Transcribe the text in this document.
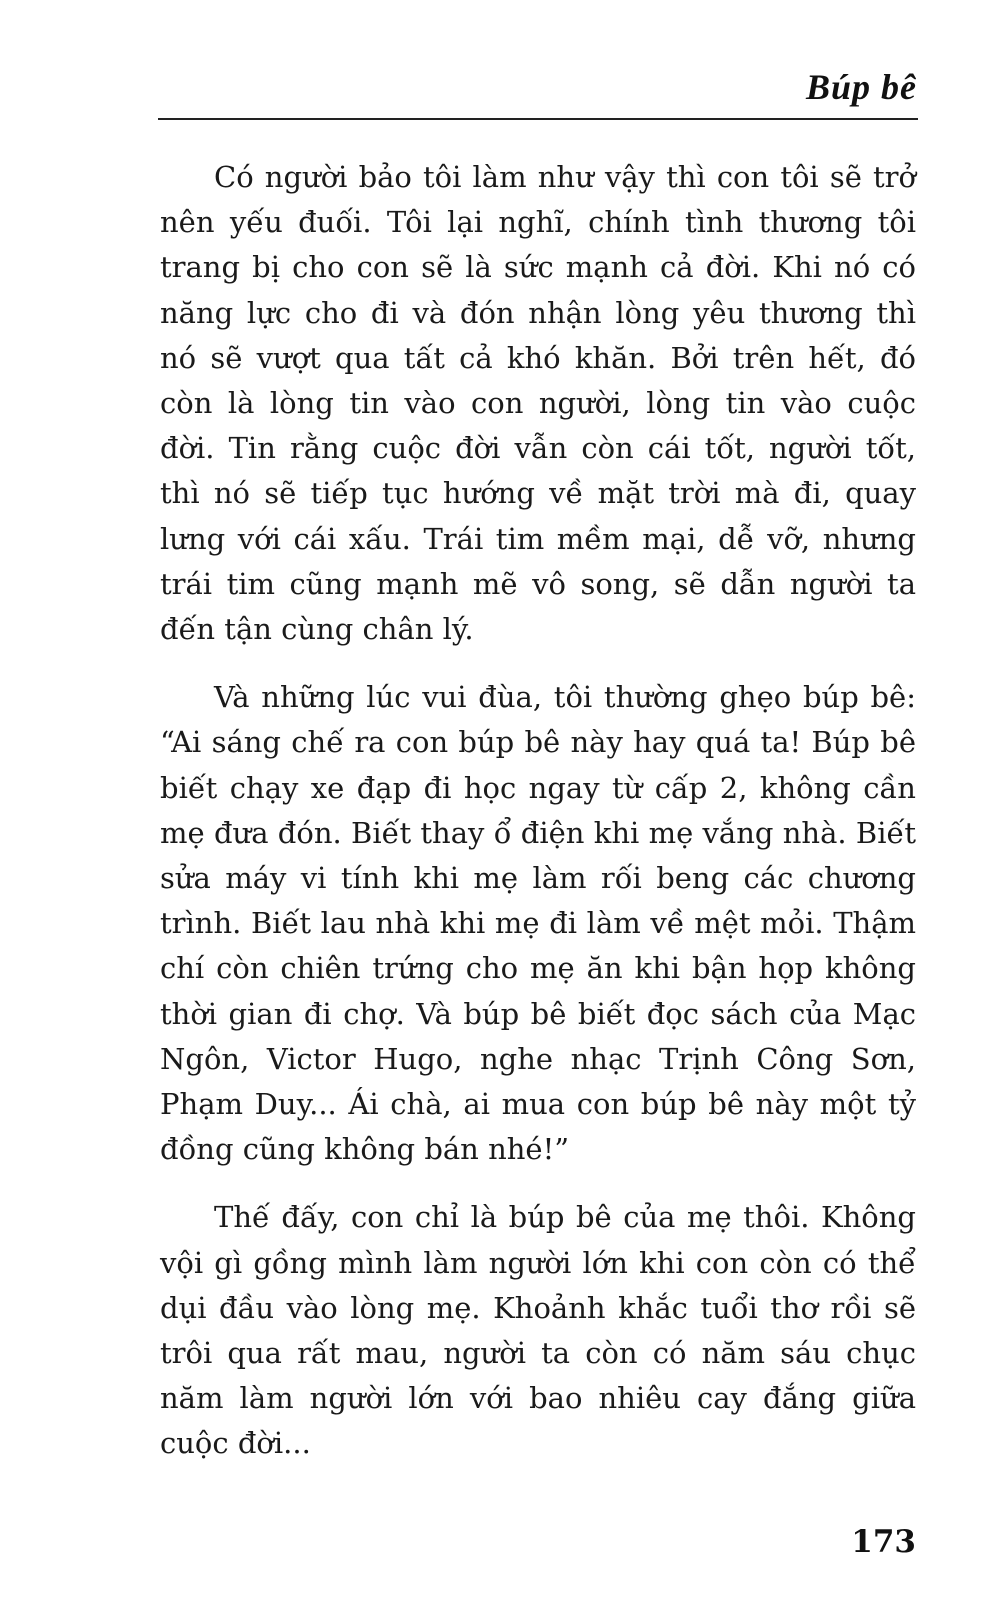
Búp bê

Có người bảo tôi làm như vậy thì con tôi sẽ trở nên yếu đuối. Tôi lại nghĩ, chính tình thương tôi trang bị cho con sẽ là sức mạnh cả đời. Khi nó có năng lực cho đi và đón nhận lòng yêu thương thì nó sẽ vượt qua tất cả khó khăn. Bởi trên hết, đó còn là lòng tin vào con người, lòng tin vào cuộc đời. Tin rằng cuộc đời vẫn còn cái tốt, người tốt, thì nó sẽ tiếp tục hướng về mặt trời mà đi, quay lưng với cái xấu. Trái tim mềm mại, dễ vỡ, nhưng trái tim cũng mạnh mẽ vô song, sẽ dẫn người ta đến tận cùng chân lý.

Và những lúc vui đùa, tôi thường ghẹo búp bê: “Ai sáng chế ra con búp bê này hay quá ta! Búp bê biết chạy xe đạp đi học ngay từ cấp 2, không cần mẹ đưa đón. Biết thay ổ điện khi mẹ vắng nhà. Biết sửa máy vi tính khi mẹ làm rối beng các chương trình. Biết lau nhà khi mẹ đi làm về mệt mỏi. Thậm chí còn chiên trứng cho mẹ ăn khi bận họp không thời gian đi chợ. Và búp bê biết đọc sách của Mạc Ngôn, Victor Hugo, nghe nhạc Trịnh Công Sơn, Phạm Duy... Ái chà, ai mua con búp bê này một tỷ đồng cũng không bán nhé!”

Thế đấy, con chỉ là búp bê của mẹ thôi. Không vội gì gồng mình làm người lớn khi con còn có thể dụi đầu vào lòng mẹ. Khoảnh khắc tuổi thơ rồi sẽ trôi qua rất mau, người ta còn có năm sáu chục năm làm người lớn với bao nhiêu cay đắng giữa cuộc đời...

173
